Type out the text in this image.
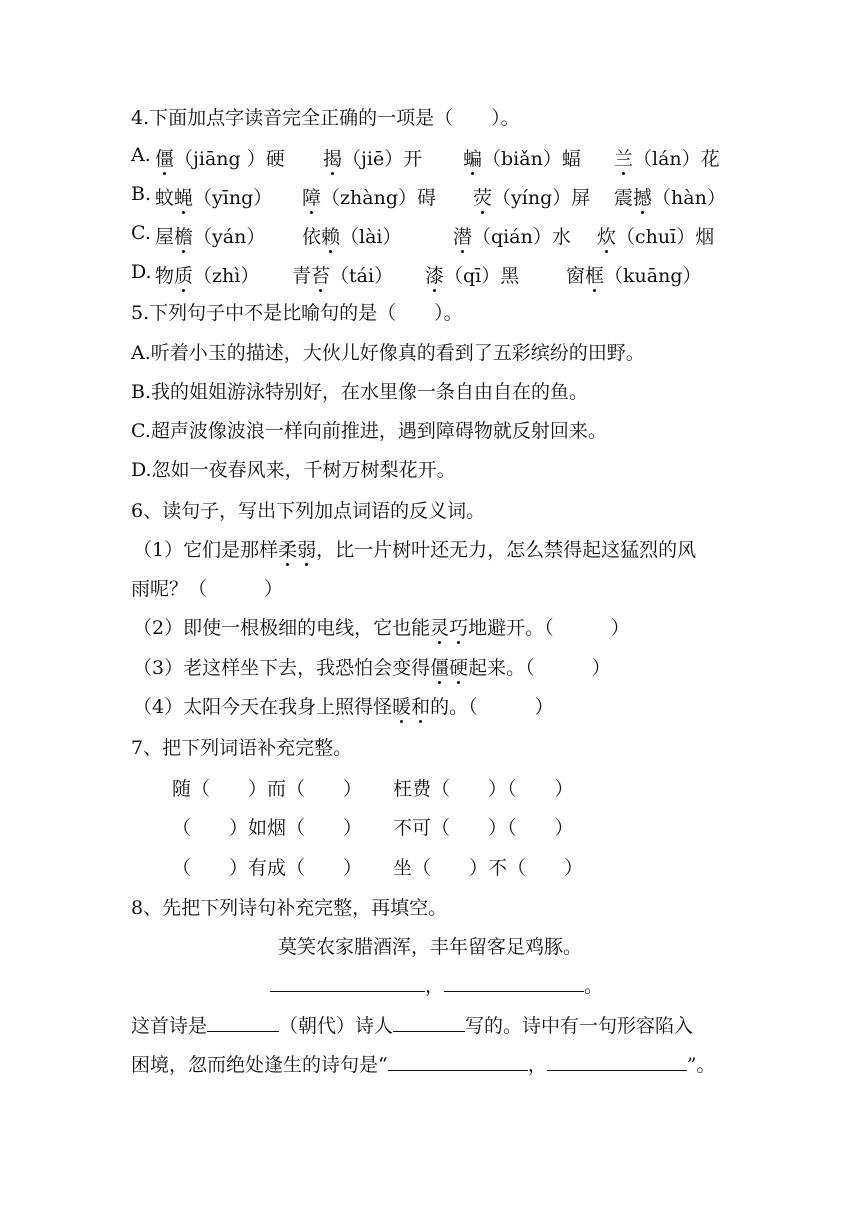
4.下面加点字读音完全正确的一项是（　　）。
A. 僵（jiāng ）硬 揭（jiē）开 蝙（biǎn）蝠 兰（lán）花
B. 蚊蝇（yīng） 障（zhàng）碍 荧（yíng）屏 震撼（hàn）
C. 屋檐（yán） 依赖（lài）	潜（qián）水 炊（chuī）烟
D. 物质（zhì） 青苔（tái） 漆（qī）黑 窗框（kuāng）
5.下列句子中不是比喻句的是（　　）。
A.听着小玉的描述，大伙儿好像真的看到了五彩缤纷的田野。
B.我的姐姐游泳特别好，在水里像一条自由自在的鱼。
C.超声波像波浪一样向前推进，遇到障碍物就反射回来。
D.忽如一夜春风来，千树万树梨花开。
6、读句子，写出下列加点词语的反义词。
（1）它们是那样柔弱，比一片树叶还无力，怎么禁得起这猛烈的风
雨呢？（　　　）
（2）即使一根极细的电线，它也能灵巧地避开。（　　　）
（3）老这样坐下去，我恐怕会变得僵硬起来。（　　　）
（4）太阳今天在我身上照得怪暖和的。（　　　）
7、把下列词语补充完整。
随（　　）而（　　） 枉费（　　）（　　）
（　　）如烟（　　） 不可（　　）（　　）
（　　）有成（　　） 坐（　　）不（　　）
8、先把下列诗句补充完整，再填空。
莫笑农家腊酒浑，丰年留客足鸡豚。
，	。
这首诗是	（朝代）诗人	写的。诗中有一句形容陷入
困境，忽而绝处逢生的诗句是“	，	”。
